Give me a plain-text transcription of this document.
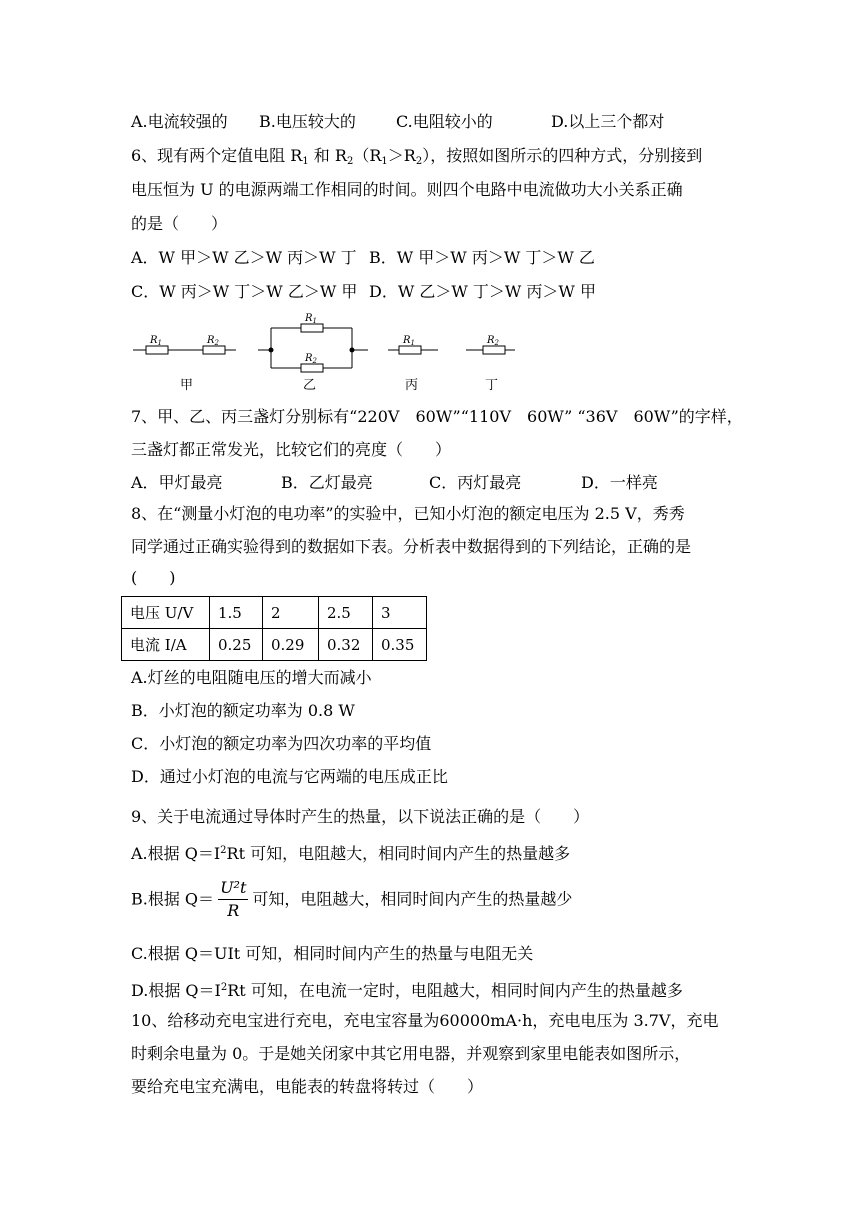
A.电流较强的 B.电压较大的	C.电阻较小的	D.以上三个都对
6、现有两个定值电阻 $R_1$ 和 $R_2(R_1>R_2)$，按照如图所示的四种方式，分别接到
电压恒为 U 的电源两端工作相同的时间。则四个电路中电流做功大小关系正确
的是（　　）
A．W 甲＞W 乙＞W 丙＞W 丁 B．W 甲＞W 丙＞W 丁＞W 乙
C．W 丙＞W 丁＞W 乙＞W 甲 D．W 乙＞W 丁＞W 丙＞W 甲
$R_1$	$R_2$
$R_1$
$R_2$
$R_1$	$R_2$
甲	乙	丙	丁
7、甲、乙、丙三盏灯分别标有“220V　60W”“110V　60W” “36V　60W”的字样，
三盏灯都正常发光，比较它们的亮度（　　）
A．甲灯最亮	B．乙灯最亮	C．丙灯最亮	D．一样亮
8、在“测量小灯泡的电功率”的实验中，已知小灯泡的额定电压为 2.5 V，秀秀
同学通过正确实验得到的数据如下表。分析表中数据得到的下列结论，正确的是
(　　)
电压 U/V	1.5	2	2.5	3
电流 I/A	0.25	0.29	0.32	0.35
A.灯丝的电阻随电压的增大而减小
B．小灯泡的额定功率为 0.8 W
C．小灯泡的额定功率为四次功率的平均值
D．通过小灯泡的电流与它两端的电压成正比
9、关于电流通过导体时产生的热量，以下说法正确的是（　　）
A.根据 $Q=I^2Rt$ 可知，电阻越大，相同时间内产生的热量越多
B.根据 $Q= \frac{\text{U²t}}{R}$ 可知，电阻越大，相同时间内产生的热量越少
C.根据 Q＝UIt 可知，相同时间内产生的热量与电阻无关
D.根据 $Q=I^2Rt$ 可知，在电流一定时，电阻越大，相同时间内产生的热量越多
10、给移动充电宝进行充电，充电宝容量为60000mA·h，充电电压为 3.7V，充电
时剩余电量为 0。于是她关闭家中其它用电器，并观察到家里电能表如图所示，
要给充电宝充满电，电能表的转盘将转过（　　）
